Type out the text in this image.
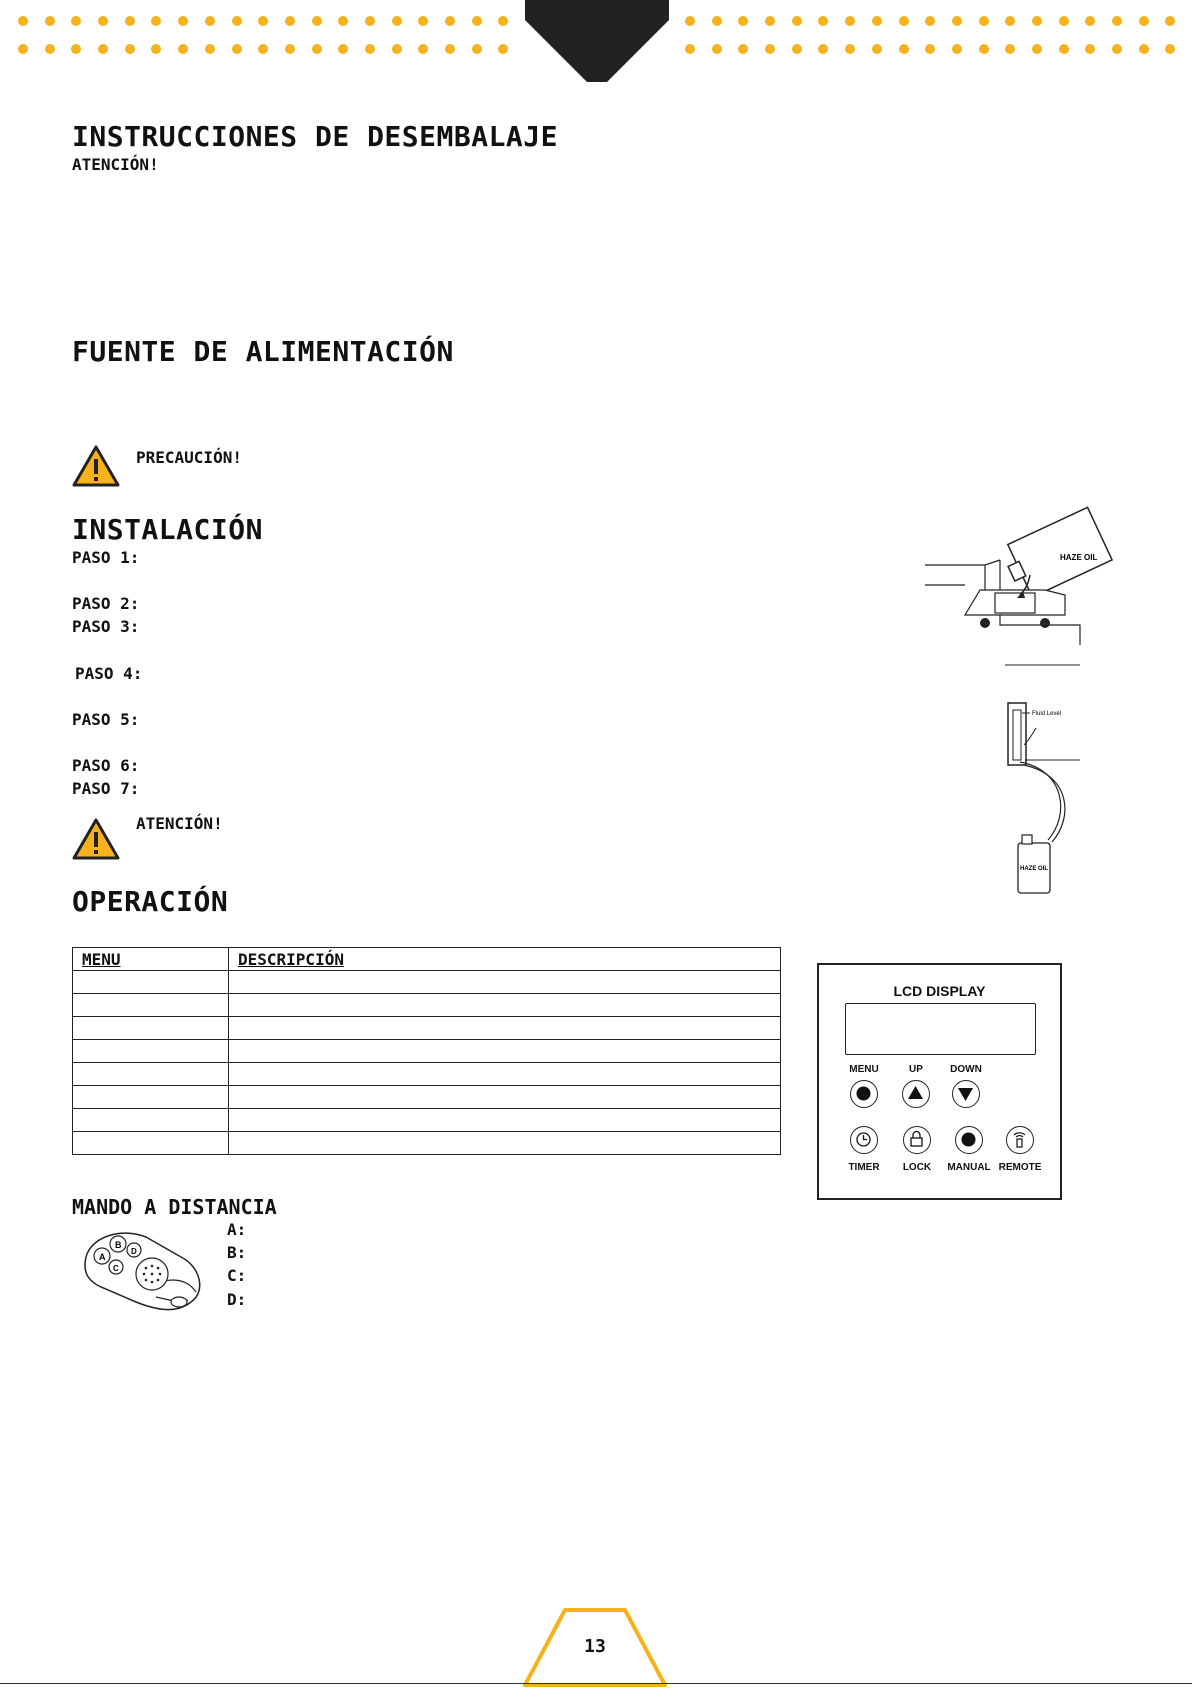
INSTRUCCIONES DE DESEMBALAJE
ATENCIÓN!
FUENTE DE ALIMENTACIÓN
PRECAUCIÓN!
INSTALACIÓN
PASO 1:
PASO 2:
PASO 3:
PASO 4:
PASO 5:
PASO 6:
PASO 7:
ATENCIÓN!
HAZE OIL
Fluid Level
HAZE OIL
OPERACIÓN
MENU	DESCRIPCIÓN

LCD DISPLAY
MENU	UP	DOWN
TIMER	LOCK	MANUAL REMOTE
MANDO A DISTANCIA
A
B
D
C
A:
B:
C:
D:
13
